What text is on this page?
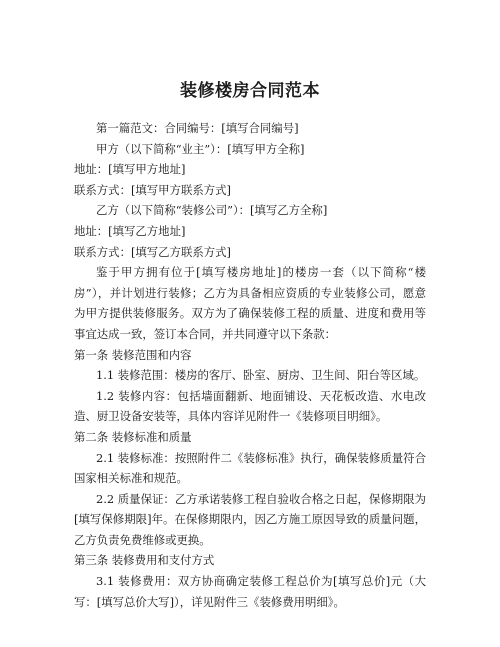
装修楼房合同范本

第一篇范文：合同编号：[填写合同编号]

甲方（以下简称“业主”）：[填写甲方全称]

地址：[填写甲方地址]

联系方式：[填写甲方联系方式]

乙方（以下简称“装修公司”）：[填写乙方全称]

地址：[填写乙方地址]

联系方式：[填写乙方联系方式]

鉴于甲方拥有位于[填写楼房地址]的楼房一套（以下简称“楼房”），并计划进行装修；乙方为具备相应资质的专业装修公司，愿意为甲方提供装修服务。双方为了确保装修工程的质量、进度和费用等事宜达成一致，签订本合同，并共同遵守以下条款：

第一条 装修范围和内容

1.1 装修范围：楼房的客厅、卧室、厨房、卫生间、阳台等区域。

1.2 装修内容：包括墙面翻新、地面铺设、天花板改造、水电改造、厨卫设备安装等，具体内容详见附件一《装修项目明细》。

第二条 装修标准和质量

2.1 装修标准：按照附件二《装修标准》执行，确保装修质量符合国家相关标准和规范。

2.2 质量保证：乙方承诺装修工程自验收合格之日起，保修期限为[填写保修期限]年。在保修期限内，因乙方施工原因导致的质量问题，乙方负责免费维修或更换。

第三条 装修费用和支付方式

3.1 装修费用：双方协商确定装修工程总价为[填写总价]元（大写：[填写总价大写]），详见附件三《装修费用明细》。
